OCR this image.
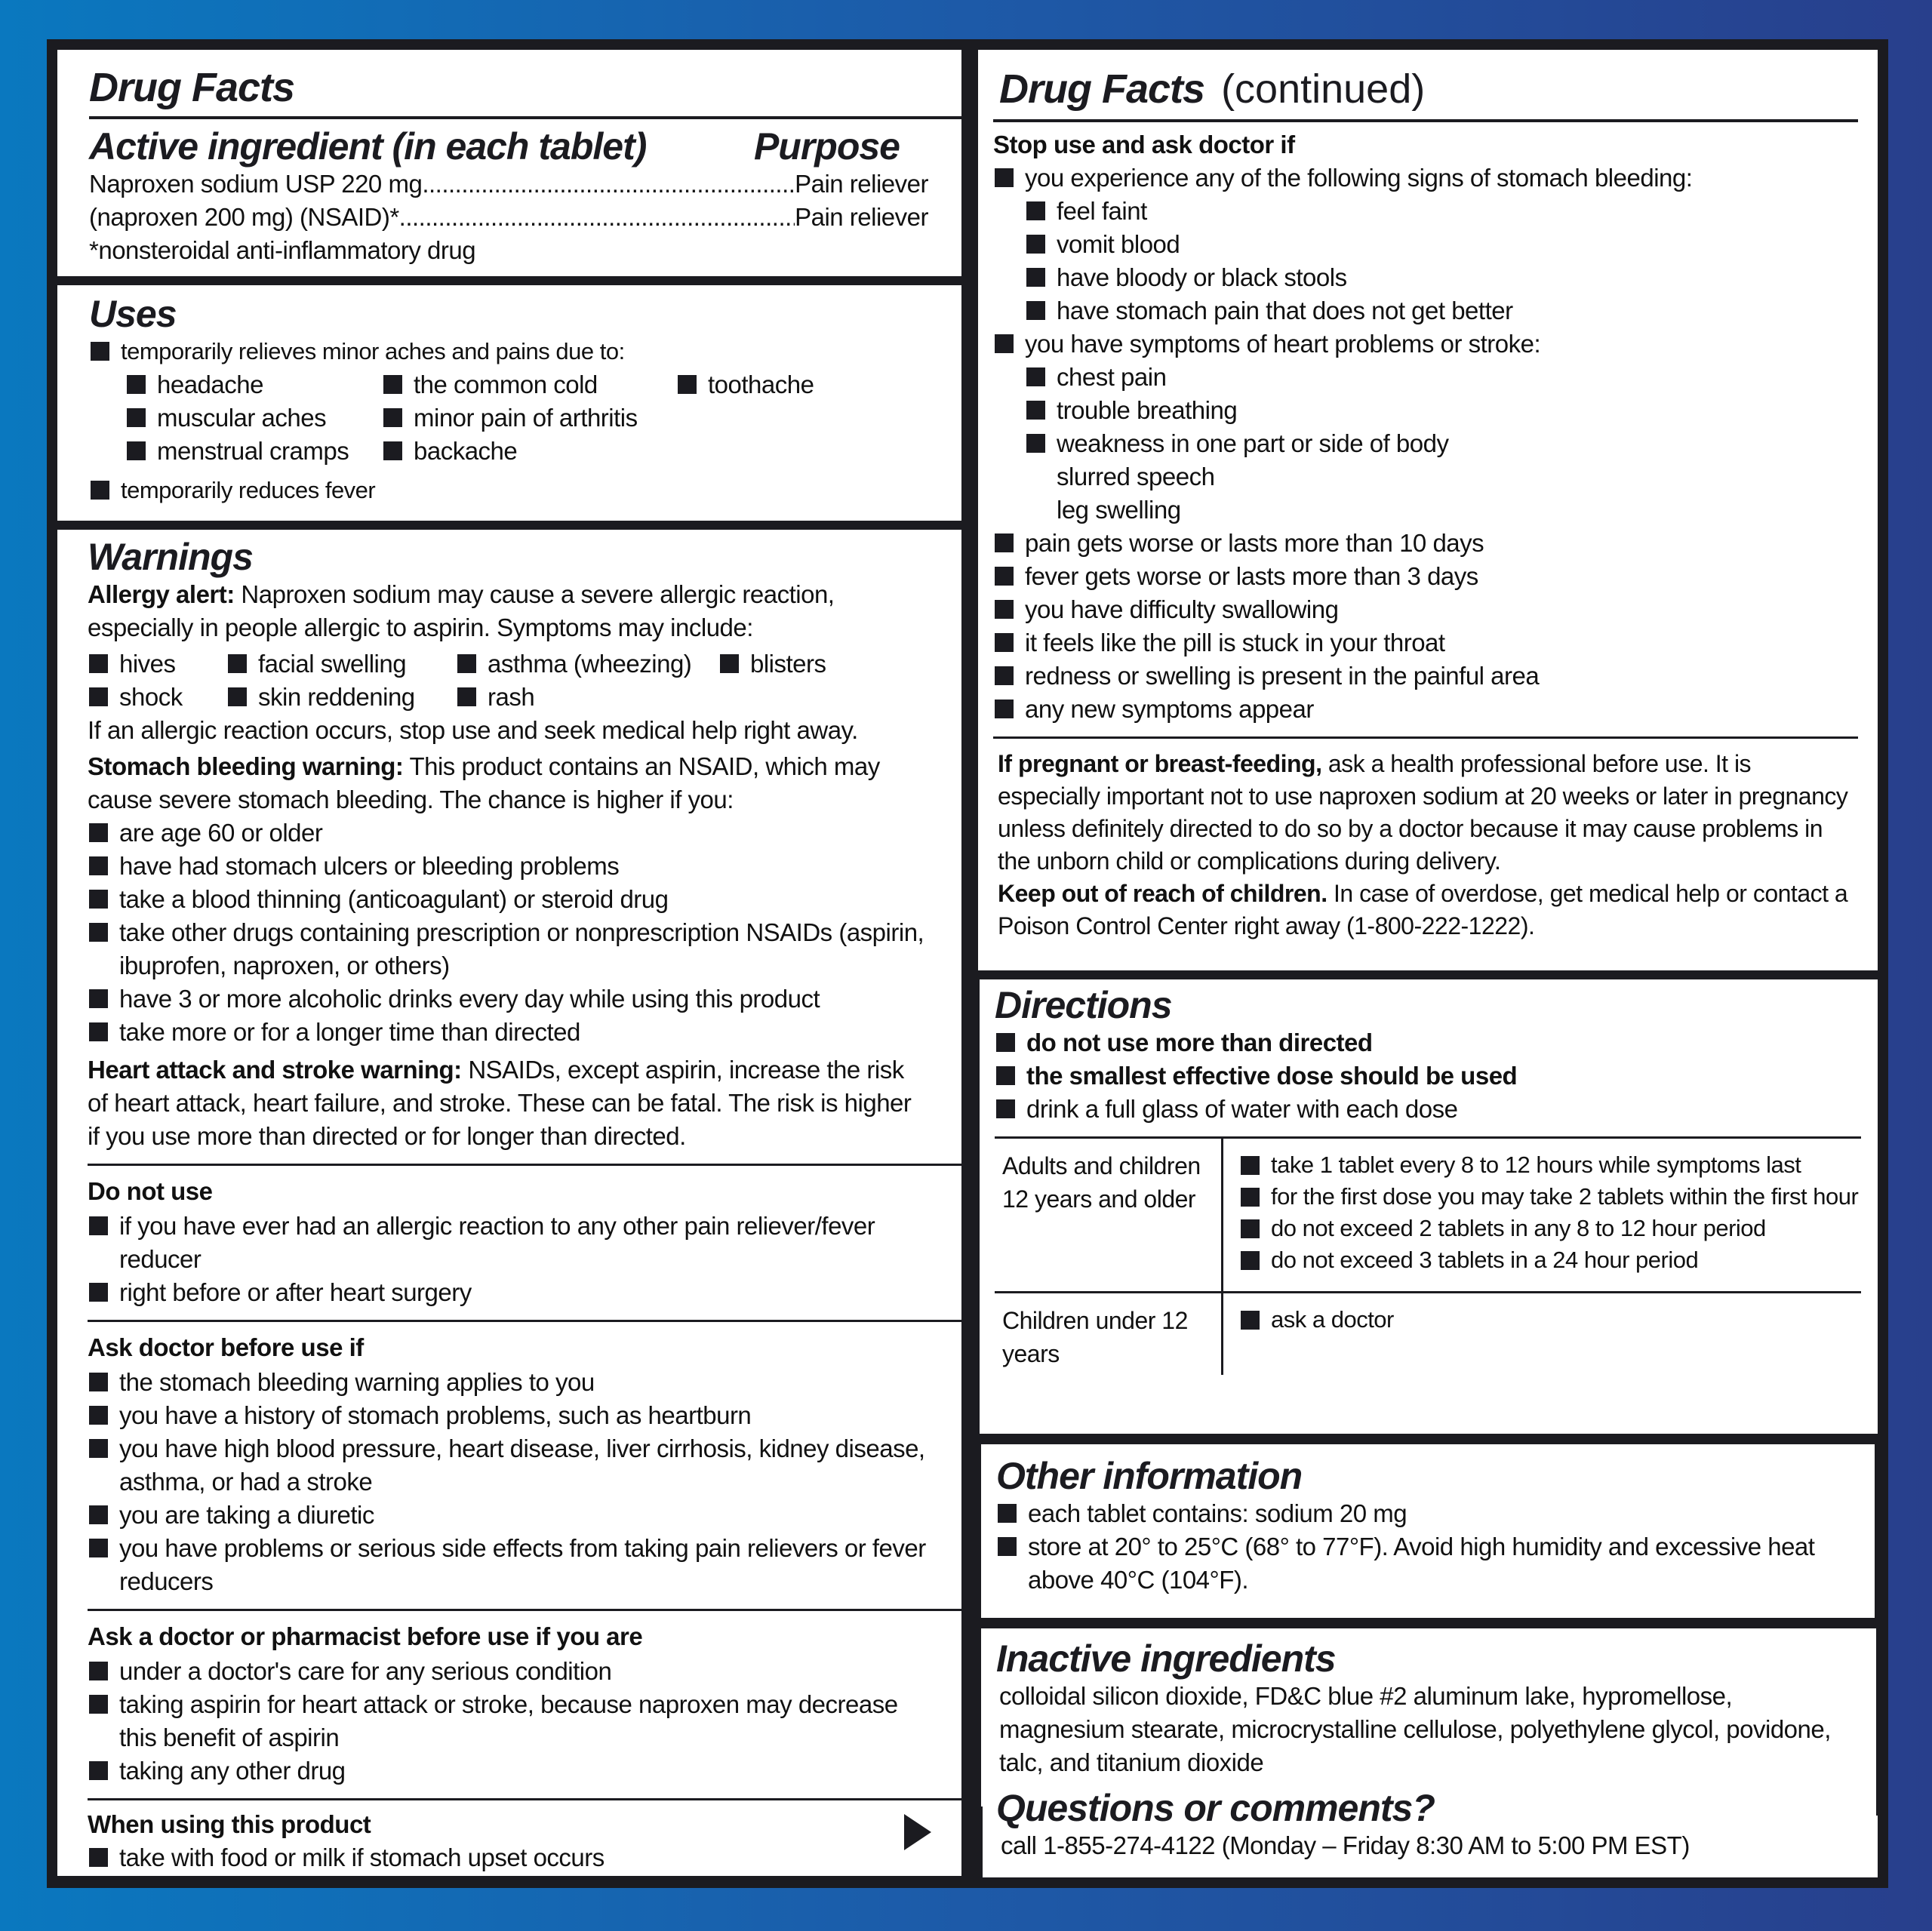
Drug Facts
Active ingredient (in each tablet)	Purpose
Naproxen sodium USP 220 mg .....	Pain reliever
(naproxen 200 mg) (NSAID)* .....	Pain reliever
*nonsteroidal anti-inflammatory drug
Uses
temporarily relieves minor aches and pains due to:
headache	the common cold	toothache
muscular aches	minor pain of arthritis
menstrual cramps	backache
temporarily reduces fever
Warnings
Allergy alert: Naproxen sodium may cause a severe allergic reaction, especially in people allergic to aspirin. Symptoms may include:
hives	facial swelling	asthma (wheezing)	blisters
shock	skin reddening	rash
If an allergic reaction occurs, stop use and seek medical help right away.
Stomach bleeding warning: This product contains an NSAID, which may cause severe stomach bleeding. The chance is higher if you:
are age 60 or older
have had stomach ulcers or bleeding problems
take a blood thinning (anticoagulant) or steroid drug
take other drugs containing prescription or nonprescription NSAIDs (aspirin, ibuprofen, naproxen, or others)
have 3 or more alcoholic drinks every day while using this product
take more or for a longer time than directed
Heart attack and stroke warning: NSAIDs, except aspirin, increase the risk of heart attack, heart failure, and stroke. These can be fatal. The risk is higher if you use more than directed or for longer than directed.
Do not use
if you have ever had an allergic reaction to any other pain reliever/fever reducer
right before or after heart surgery
Ask doctor before use if
the stomach bleeding warning applies to you
you have a history of stomach problems, such as heartburn
you have high blood pressure, heart disease, liver cirrhosis, kidney disease, asthma, or had a stroke
you are taking a diuretic
you have problems or serious side effects from taking pain relievers or fever reducers
Ask a doctor or pharmacist before use if you are
under a doctor's care for any serious condition
taking aspirin for heart attack or stroke, because naproxen may decrease this benefit of aspirin
taking any other drug
When using this product
take with food or milk if stomach upset occurs
Drug Facts (continued)
Stop use and ask doctor if
you experience any of the following signs of stomach bleeding:
feel faint
vomit blood
have bloody or black stools
have stomach pain that does not get better
you have symptoms of heart problems or stroke:
chest pain
trouble breathing
weakness in one part or side of body
slurred speech
leg swelling
pain gets worse or lasts more than 10 days
fever gets worse or lasts more than 3 days
you have difficulty swallowing
it feels like the pill is stuck in your throat
redness or swelling is present in the painful area
any new symptoms appear
If pregnant or breast-feeding, ask a health professional before use. It is especially important not to use naproxen sodium at 20 weeks or later in pregnancy unless definitely directed to do so by a doctor because it may cause problems in the unborn child or complications during delivery.
Keep out of reach of children. In case of overdose, get medical help or contact a Poison Control Center right away (1-800-222-1222).
Directions
do not use more than directed
the smallest effective dose should be used
drink a full glass of water with each dose
Adults and children 12 years and older
take 1 tablet every 8 to 12 hours while symptoms last
for the first dose you may take 2 tablets within the first hour
do not exceed 2 tablets in any 8 to 12 hour period
do not exceed 3 tablets in a 24 hour period
Children under 12 years
ask a doctor
Other information
each tablet contains: sodium 20 mg
store at 20° to 25°C (68° to 77°F). Avoid high humidity and excessive heat above 40°C (104°F).
Inactive ingredients
colloidal silicon dioxide, FD&C blue #2 aluminum lake, hypromellose, magnesium stearate, microcrystalline cellulose, polyethylene glycol, povidone, talc, and titanium dioxide
Questions or comments?
call 1-855-274-4122 (Monday – Friday 8:30 AM to 5:00 PM EST)
